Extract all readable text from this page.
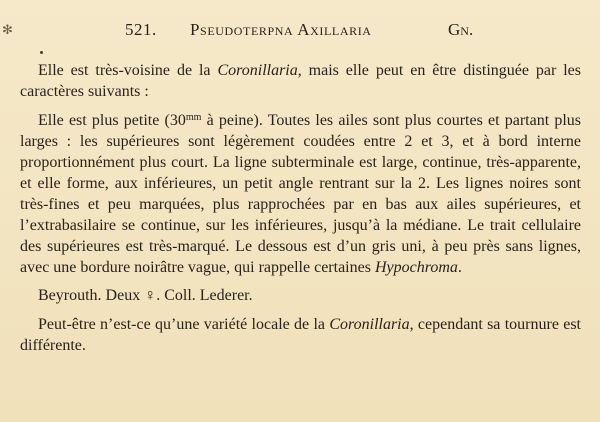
✻	521. Pseudoterpna Axillaria	Gn.

Elle est très-voisine de la Coronillaria, mais elle peut en être distinguée par les caractères suivants :

Elle est plus petite ($30^{mm}$ à peine). Toutes les ailes sont plus courtes et partant plus larges : les supérieures sont légèrement coudées entre 2 et 3, et à bord interne proportionnément plus court. La ligne subterminale est large, continue, très-apparente, et elle forme, aux inférieures, un petit angle rentrant sur la 2. Les lignes noires sont très-fines et peu marquées, plus rapprochées par en bas aux ailes supérieures, et l’extrabasilaire se continue, sur les inférieures, jusqu’à la médiane. Le trait cellulaire des supérieures est très-marqué. Le dessous est d’un gris uni, à peu près sans lignes, avec une bordure noirâtre vague, qui rappelle certaines Hypochroma.

Beyrouth. Deux ♀. Coll. Lederer.

Peut-être n’est-ce qu’une variété locale de la Coronillaria, cependant sa tournure est différente.
